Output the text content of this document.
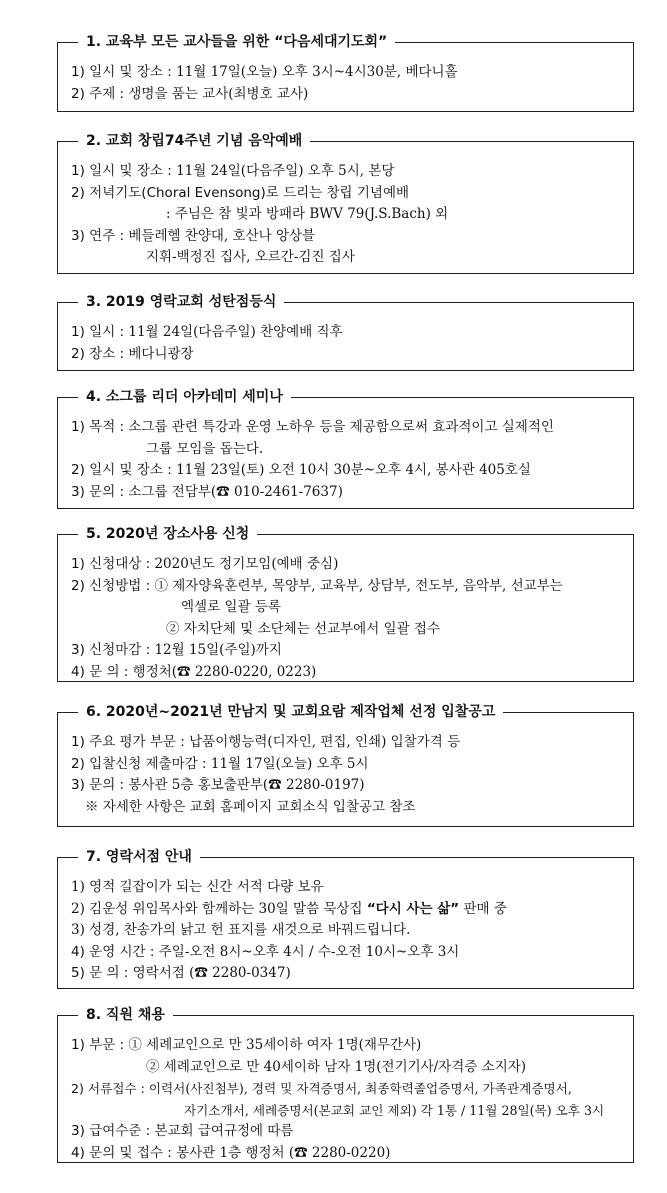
1. 교육부 모든 교사들을 위한 “다음세대기도회”
1) 일시 및 장소 : 11월 17일(오늘) 오후 3시~4시30분, 베다니홀
2) 주제 : 생명을 품는 교사(최병호 교사)
2. 교회 창립74주년 기념 음악예배
1) 일시 및 장소 : 11월 24일(다음주일) 오후 5시, 본당
2) 저녁기도(Choral Evensong)로 드리는 창립 기념예배
: 주님은 참 빛과 방패라 BWV 79(J.S.Bach) 외
3) 연주 : 베들레헴 찬양대, 호산나 앙상블
지휘-백정진 집사, 오르간-김진 집사
3. 2019 영락교회 성탄점등식
1) 일시 : 11월 24일(다음주일) 찬양예배 직후
2) 장소 : 베다니광장
4. 소그룹 리더 아카데미 세미나
1) 목적 : 소그룹 관련 특강과 운영 노하우 등을 제공함으로써 효과적이고 실제적인
그룹 모임을 돕는다.
2) 일시 및 장소 : 11월 23일(토) 오전 10시 30분~오후 4시, 봉사관 405호실
3) 문의 : 소그룹 전담부(☎ 010-2461-7637)
5. 2020년 장소사용 신청
1) 신청대상 : 2020년도 정기모임(예배 중심)
2) 신청방법 : ① 제자양육훈련부, 목양부, 교육부, 상담부, 전도부, 음악부, 선교부는
엑셀로 일괄 등록
② 자치단체 및 소단체는 선교부에서 일괄 접수
3) 신청마감 : 12월 15일(주일)까지
4) 문 의 : 행정처(☎ 2280-0220, 0223)
6. 2020년~2021년 만남지 및 교회요람 제작업체 선정 입찰공고
1) 주요 평가 부문 : 납품이행능력(디자인, 편집, 인쇄) 입찰가격 등
2) 입찰신청 제출마감 : 11월 17일(오늘) 오후 5시
3) 문의 : 봉사관 5층 홍보출판부(☎ 2280-0197)
※ 자세한 사항은 교회 홈페이지 교회소식 입찰공고 참조
7. 영락서점 안내
1) 영적 길잡이가 되는 신간 서적 다량 보유
2) 김운성 위임목사와 함께하는 30일 말씀 묵상집 “다시 사는 삶” 판매 중
3) 성경, 찬송가의 낡고 헌 표지를 새것으로 바꿔드립니다.
4) 운영 시간 : 주일-오전 8시~오후 4시 / 수-오전 10시~오후 3시
5) 문 의 : 영락서점 (☎ 2280-0347)
8. 직원 채용
1) 부문 : ① 세례교인으로 만 35세이하 여자 1명(재무간사)
② 세례교인으로 만 40세이하 남자 1명(전기기사/자격증 소지자)
2) 서류접수 : 이력서(사진첨부), 경력 및 자격증명서, 최종학력졸업증명서, 가족관계증명서,
자기소개서, 세례증명서(본교회 교인 제외) 각 1통 / 11월 28일(목) 오후 3시
3) 급여수준 : 본교회 급여규정에 따름
4) 문의 및 접수 : 봉사관 1층 행정처 (☎ 2280-0220)
